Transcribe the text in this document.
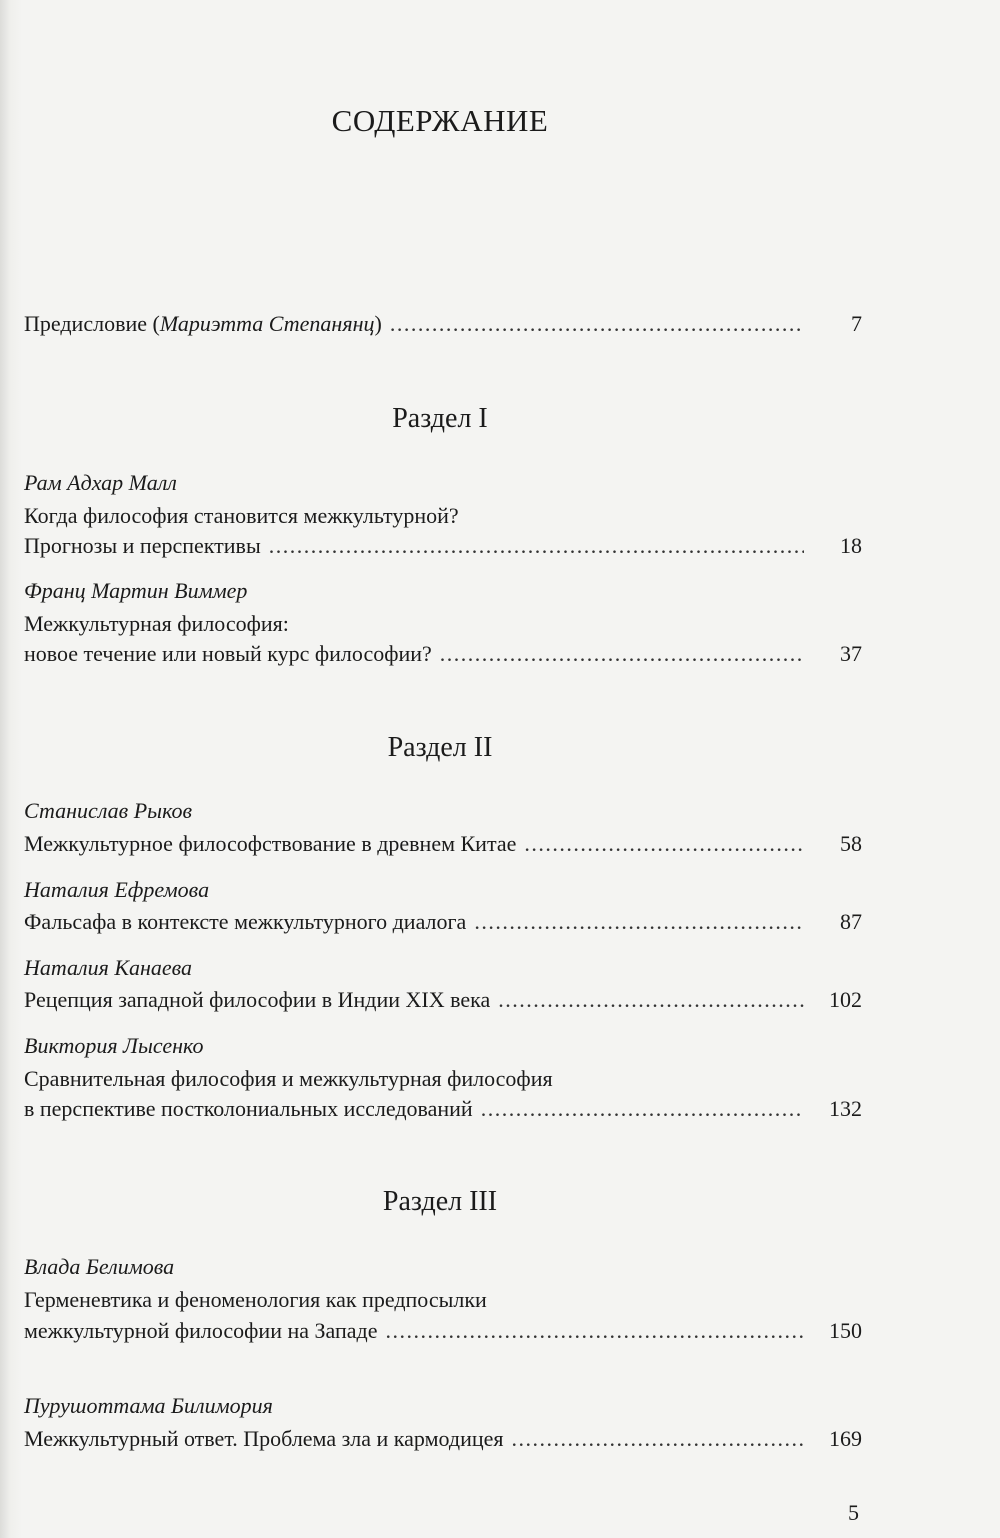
СОДЕРЖАНИЕ
Предисловие (Мариэтта Степанянц) .....	7
Раздел I
Рам Адхар Малл
Когда философия становится межкультурной?
Прогнозы и перспективы .....	18
Франц Мартин Виммер
Межкультурная философия:
новое течение или новый курс философии? .....	37
Раздел II
Станислав Рыков
Межкультурное философствование в древнем Китае .....	58
Наталия Ефремова
Фальсафа в контексте межкультурного диалога .....	87
Наталия Канаева
Рецепция западной философии в Индии XIX века .....	102
Виктория Лысенко
Сравнительная философия и межкультурная философия
в перспективе постколониальных исследований .....	132
Раздел III
Влада Белимова
Герменевтика и феноменология как предпосылки
межкультурной философии на Западе .....	150
Пурушоттама Билимория
Межкультурный ответ. Проблема зла и кармодицея .....	169
5
